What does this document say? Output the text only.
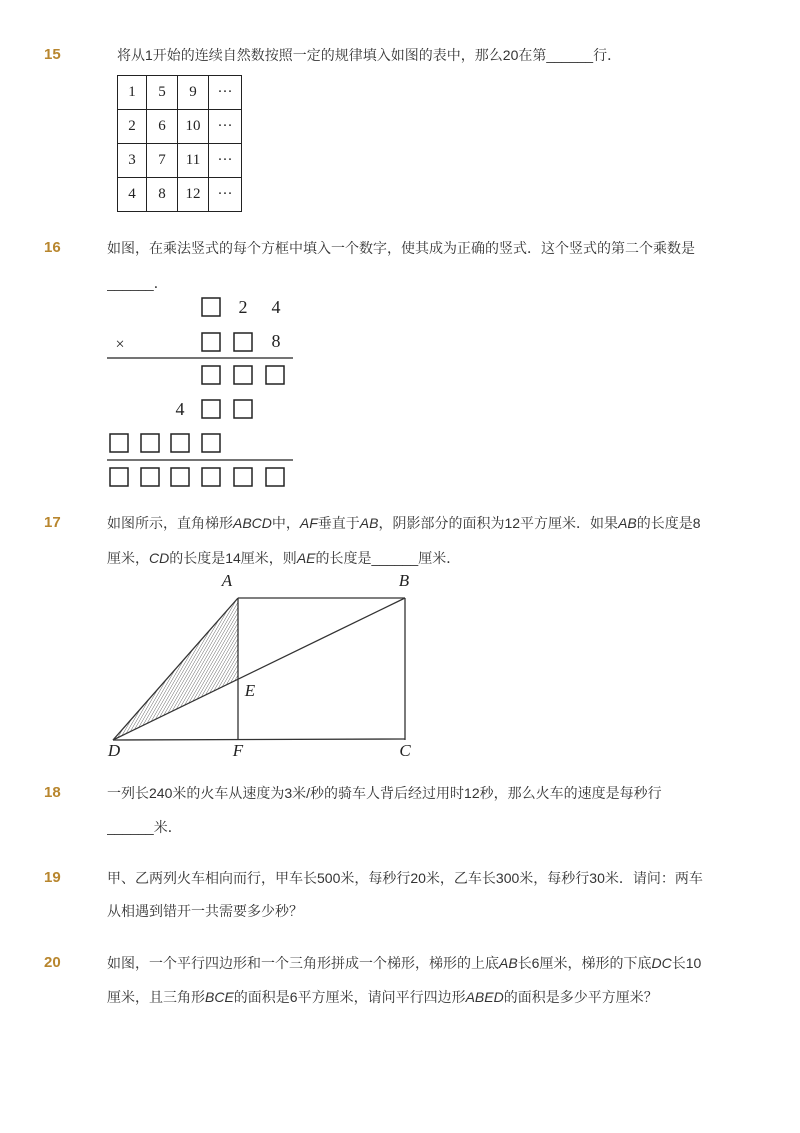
15	将从1开始的连续自然数按照一定的规律填入如图的表中，那么20在第______行．
1	5	9	···
2	6	10	···
3	7	11	···
4	8	12	···
16	如图，在乘法竖式的每个方框中填入一个数字，使其成为正确的竖式．这个竖式的第二个乘数是
______．
2 4
×	8
4
17	如图所示，直角梯形ABCD中，AF垂直于AB，阴影部分的面积为12平方厘米．如果AB的长度是8
厘米，CD的长度是14厘米，则AE的长度是______厘米．
A	B
E
D	F	C
18	一列长240米的火车从速度为3米/秒的骑车人背后经过用时12秒，那么火车的速度是每秒行
______米．
19	甲、乙两列火车相向而行，甲车长500米，每秒行20米，乙车长300米，每秒行30米．请问：两车
从相遇到错开一共需要多少秒？
20	如图，一个平行四边形和一个三角形拼成一个梯形，梯形的上底AB长6厘米，梯形的下底DC长10
厘米，且三角形BCE的面积是6平方厘米，请问平行四边形ABED的面积是多少平方厘米？
